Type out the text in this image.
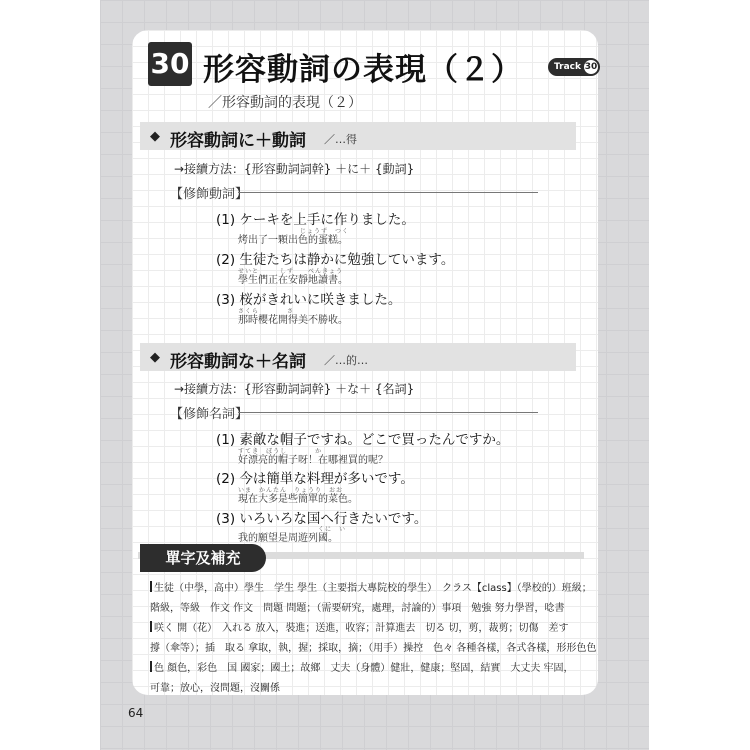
30 形容動詞の表現（２）	Track 30
／形容動詞的表現（２）
◆ 形容動詞に＋動詞 ／…得
→接續方法：{形容動詞詞幹} ＋に＋ {動詞}
【修飾動詞】
(1) ケーキを上手に作りました。
じょうず　つく
烤出了一顆出色的蛋糕。
(2) 生徒たちは静かに勉強しています。
せいと　　　しず　　べんきょう
學生們正在安靜地讀書。
(3) 桜がきれいに咲きました。
さくら　　　　さ
那時櫻花開得美不勝收。
◆ 形容動詞な＋名詞 ／…的…
→接續方法：{形容動詞詞幹} ＋な＋ {名詞}
【修飾名詞】
(1) 素敵な帽子ですね。どこで買ったんですか。
すてき　ぼうし　　　　か
好漂亮的帽子呀！在哪裡買的呢？
(2) 今は簡単な料理が多いです。
いま　かんたん　りょうり　おお
現在大多是些簡單的菜色。
(3) いろいろな国へ行きたいです。
くに　い
我的願望是周遊列國。
單字及補充
生徒（中學，高中）學生　学生 學生（主要指大專院校的學生）　クラス【class】（學校的）班級；
階級，等級　作文 作文　問題 問題；（需要研究，處理，討論的）事項　勉強 努力學習，唸書
咲く 開（花）　入れる 放入，裝進；送進，收容；計算進去　切る 切，剪，裁剪；切傷　差す
撐（傘等）；插　取る 拿取，執，握；採取，摘；（用手）操控　色々 各種各樣，各式各樣，形形色色
色 顏色，彩色　国 國家；國土；故鄉　丈夫（身體）健壯，健康；堅固，結實　大丈夫 牢固，
可靠；放心，沒問題，沒關係
64
